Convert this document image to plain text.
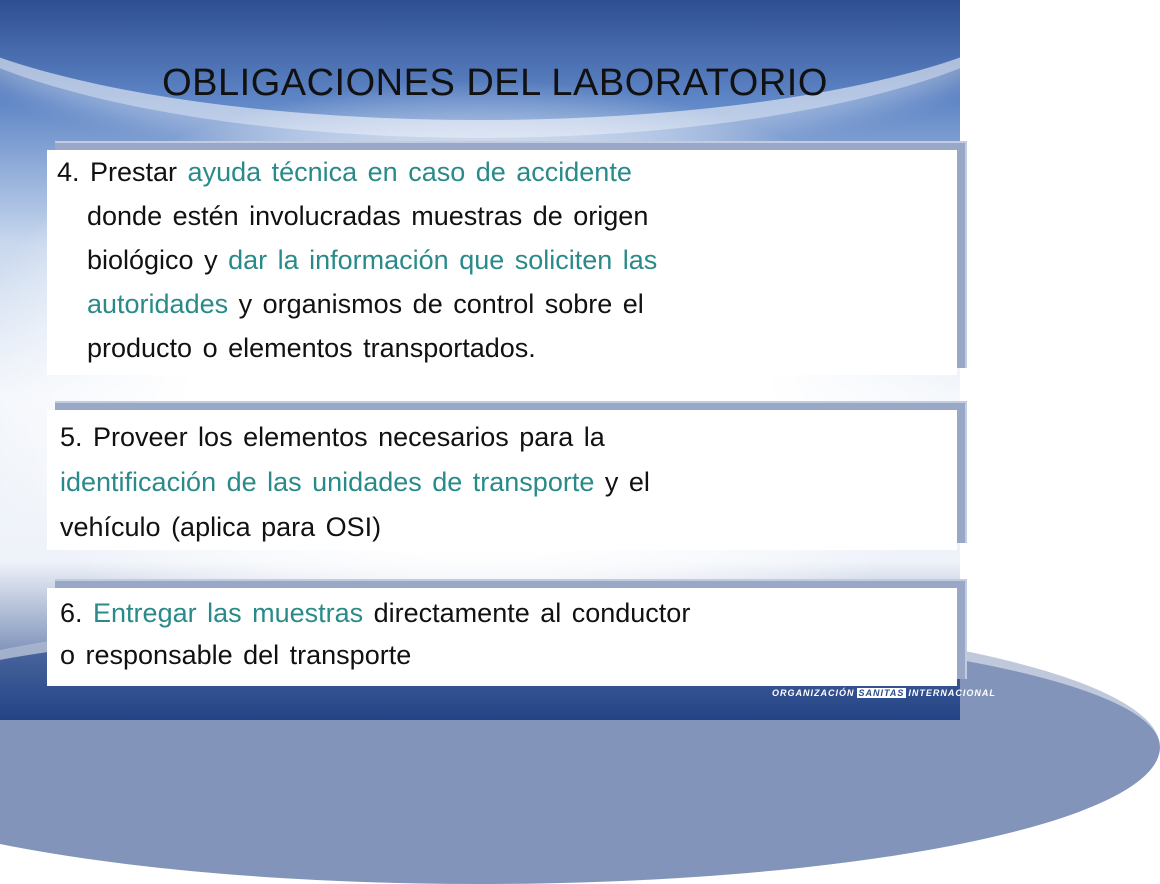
OBLIGACIONES DEL LABORATORIO
4. Prestar ayuda técnica en caso de accidente
donde estén involucradas muestras de origen
biológico y dar la información que soliciten las
autoridades y organismos de control sobre el
producto o elementos transportados.
5. Proveer los elementos necesarios para la
identificación de las unidades de transporte y el
vehículo (aplica para OSI)
6. Entregar las muestras directamente al conductor
o responsable del transporte
ORGANIZACIÓN SANITAS INTERNACIONAL
